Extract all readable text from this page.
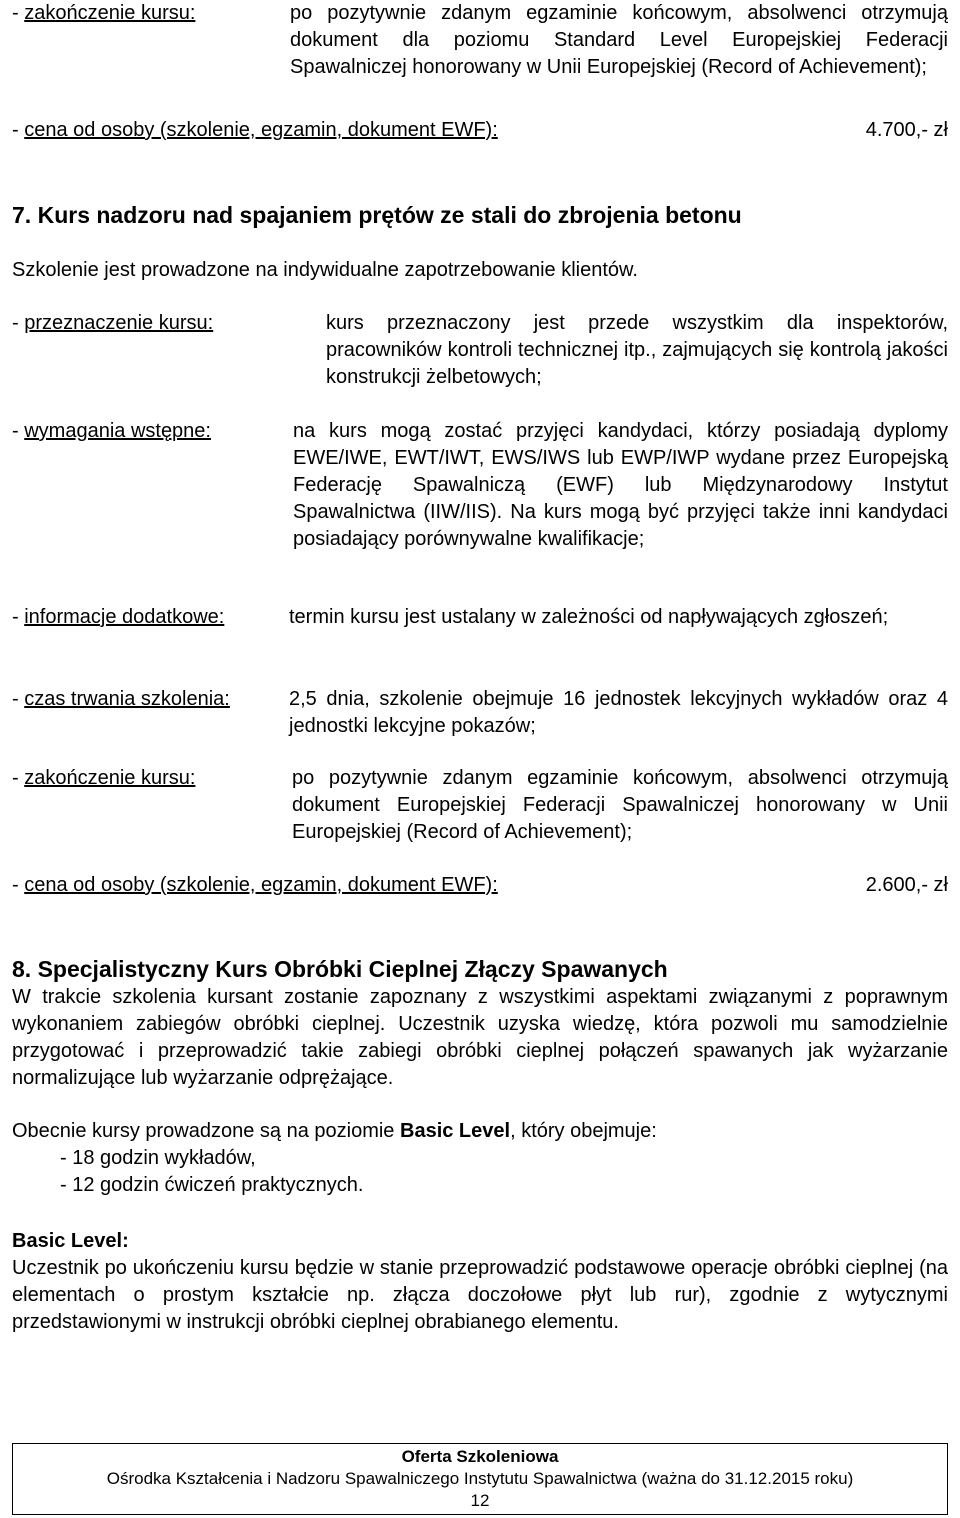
- zakończenie kursu:	po pozytywnie zdanym egzaminie końcowym, absolwenci otrzymują dokument dla poziomu Standard Level Europejskiej Federacji Spawalniczej honorowany w Unii Europejskiej (Record of Achievement);
- cena od osoby (szkolenie, egzamin, dokument EWF):	4.700,- zł
7. Kurs nadzoru nad spajaniem prętów ze stali do zbrojenia betonu
Szkolenie jest prowadzone na indywidualne zapotrzebowanie klientów.
- przeznaczenie kursu:	kurs przeznaczony jest przede wszystkim dla inspektorów, pracowników kontroli technicznej itp., zajmujących się kontrolą jakości konstrukcji żelbetowych;
- wymagania wstępne:	na kurs mogą zostać przyjęci kandydaci, którzy posiadają dyplomy EWE/IWE, EWT/IWT, EWS/IWS lub EWP/IWP wydane przez Europejską Federację Spawalniczą (EWF) lub Międzynarodowy Instytut Spawalnictwa (IIW/IIS). Na kurs mogą być przyjęci także inni kandydaci posiadający porównywalne kwalifikacje;
- informacje dodatkowe:	termin kursu jest ustalany w zależności od napływających zgłoszeń;
- czas trwania szkolenia:	2,5 dnia, szkolenie obejmuje 16 jednostek lekcyjnych wykładów oraz 4 jednostki lekcyjne pokazów;
- zakończenie kursu:	po pozytywnie zdanym egzaminie końcowym, absolwenci otrzymują dokument Europejskiej Federacji Spawalniczej honorowany w Unii Europejskiej (Record of Achievement);
- cena od osoby (szkolenie, egzamin, dokument EWF):	2.600,- zł
8. Specjalistyczny Kurs Obróbki Cieplnej Złączy Spawanych
W trakcie szkolenia kursant zostanie zapoznany z wszystkimi aspektami związanymi z poprawnym wykonaniem zabiegów obróbki cieplnej. Uczestnik uzyska wiedzę, która pozwoli mu samodzielnie przygotować i przeprowadzić takie zabiegi obróbki cieplnej połączeń spawanych jak wyżarzanie normalizujące lub wyżarzanie odprężające.
Obecnie kursy prowadzone są na poziomie Basic Level, który obejmuje:
- 18 godzin wykładów,
- 12 godzin ćwiczeń praktycznych.
Basic Level:
Uczestnik po ukończeniu kursu będzie w stanie przeprowadzić podstawowe operacje obróbki cieplnej (na elementach o prostym kształcie np. złącza doczołowe płyt lub rur), zgodnie z wytycznymi przedstawionymi w instrukcji obróbki cieplnej obrabianego elementu.
Oferta Szkoleniowa
Ośrodka Kształcenia i Nadzoru Spawalniczego Instytutu Spawalnictwa (ważna do 31.12.2015 roku)
12
